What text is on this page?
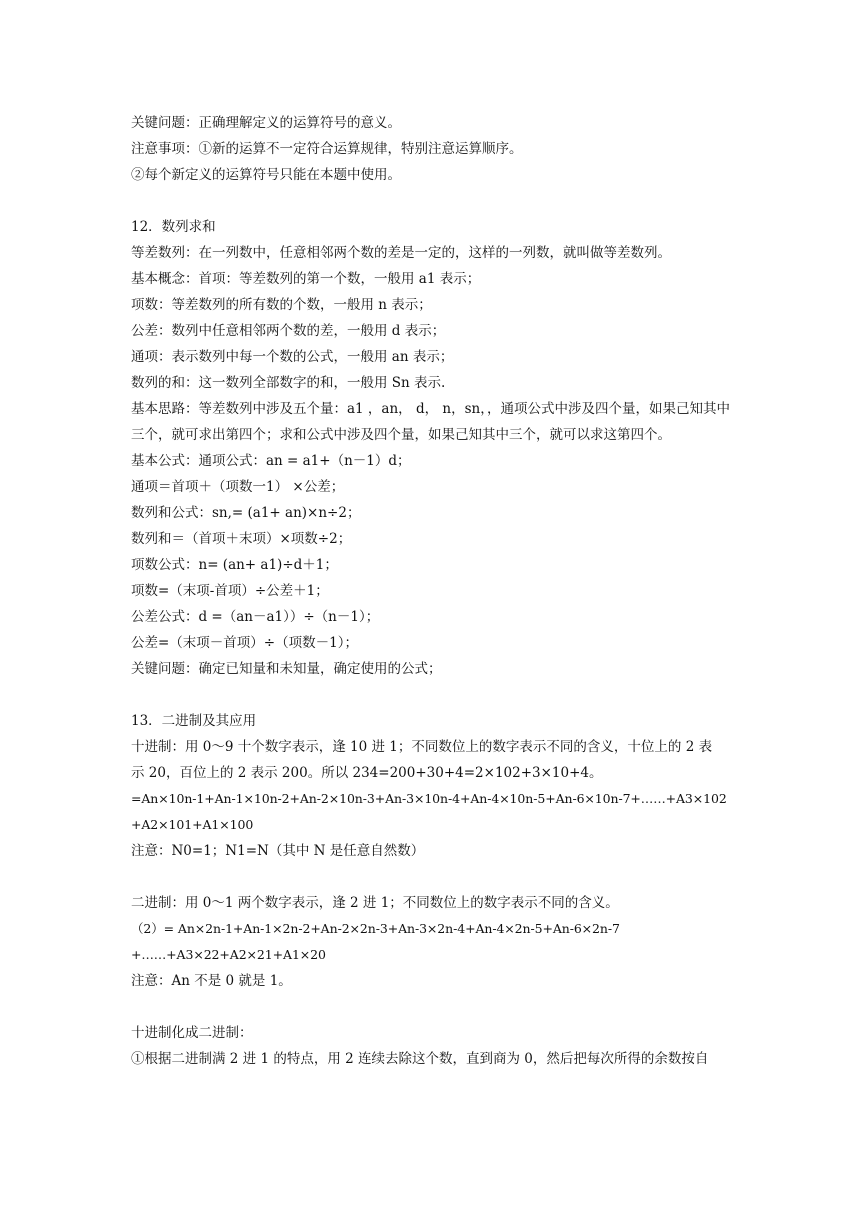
关键问题：正确理解定义的运算符号的意义。
注意事项：①新的运算不一定符合运算规律，特别注意运算顺序。
②每个新定义的运算符号只能在本题中使用。
12．数列求和
等差数列：在一列数中，任意相邻两个数的差是一定的，这样的一列数，就叫做等差数列。
基本概念：首项：等差数列的第一个数，一般用 a1 表示；
项数：等差数列的所有数的个数，一般用 n 表示；
公差：数列中任意相邻两个数的差，一般用 d 表示；
通项：表示数列中每一个数的公式，一般用 an 表示；
数列的和：这一数列全部数字的和，一般用 Sn 表示.
基本思路：等差数列中涉及五个量：a1 ，an， d， n，sn，，通项公式中涉及四个量，如果己知其中
三个，就可求出第四个；求和公式中涉及四个量，如果己知其中三个，就可以求这第四个。
基本公式：通项公式：an = a1+（n－1）d；
通项＝首项＋（项数一1） ×公差；
数列和公式：sn,= (a1+ an)×n÷2；
数列和＝（首项＋末项）×项数÷2；
项数公式：n= (an+ a1)÷d＋1；
项数=（末项-首项）÷公差＋1；
公差公式：d =（an－a1））÷（n－1）；
公差=（末项－首项）÷（项数－1）；
关键问题：确定已知量和未知量，确定使用的公式；
13．二进制及其应用
十进制：用 0～9 十个数字表示，逢 10 进 1；不同数位上的数字表示不同的含义，十位上的 2 表
示 20，百位上的 2 表示 200。所以 234=200+30+4=2×102+3×10+4。
=An×10n-1+An-1×10n-2+An-2×10n-3+An-3×10n-4+An-4×10n-5+An-6×10n-7+……+A3×102
+A2×101+A1×100
注意：N0=1；N1=N（其中 N 是任意自然数）
二进制：用 0～1 两个数字表示，逢 2 进 1；不同数位上的数字表示不同的含义。
（2）= An×2n-1+An-1×2n-2+An-2×2n-3+An-3×2n-4+An-4×2n-5+An-6×2n-7
+……+A3×22+A2×21+A1×20
注意：An 不是 0 就是 1。
十进制化成二进制：
①根据二进制满 2 进 1 的特点，用 2 连续去除这个数，直到商为 0，然后把每次所得的余数按自
